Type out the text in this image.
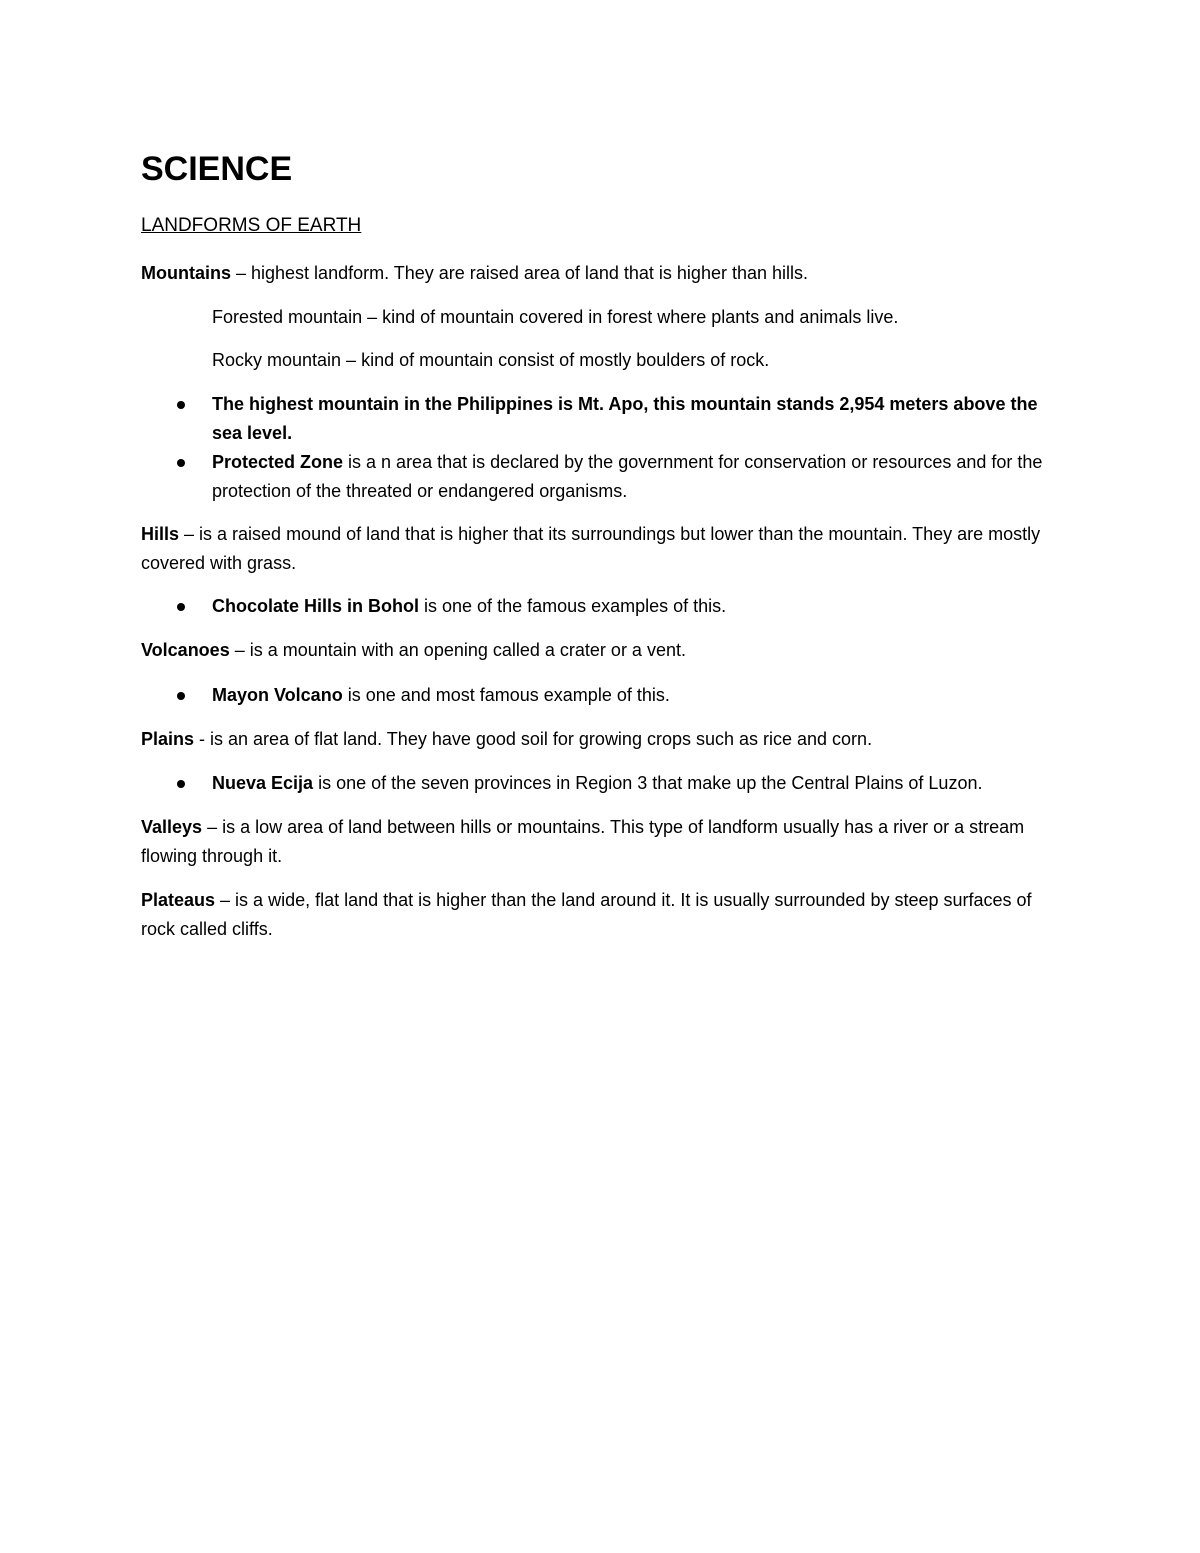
SCIENCE
LANDFORMS OF EARTH

Mountains – highest landform. They are raised area of land that is higher than hills.

Forested mountain – kind of mountain covered in forest where plants and animals live.

Rocky mountain – kind of mountain consist of mostly boulders of rock.

The highest mountain in the Philippines is Mt. Apo, this mountain stands 2,954 meters above the sea level.

Protected Zone is a n area that is declared by the government for conservation or resources and for the protection of the threated or endangered organisms.

Hills – is a raised mound of land that is higher that its surroundings but lower than the mountain. They are mostly covered with grass.

Chocolate Hills in Bohol is one of the famous examples of this.

Volcanoes – is a mountain with an opening called a crater or a vent.

Mayon Volcano is one and most famous example of this.

Plains - is an area of flat land. They have good soil for growing crops such as rice and corn.

Nueva Ecija is one of the seven provinces in Region 3 that make up the Central Plains of Luzon.

Valleys – is a low area of land between hills or mountains. This type of landform usually has a river or a stream flowing through it.

Plateaus – is a wide, flat land that is higher than the land around it. It is usually surrounded by steep surfaces of rock called cliffs.
